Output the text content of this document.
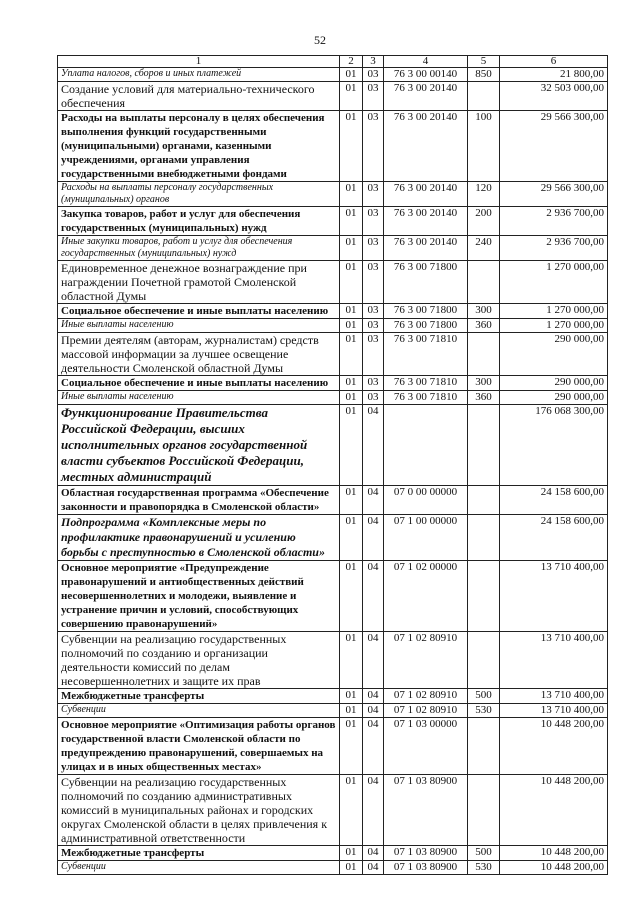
52
1	2	3	4	5	6
Уплата налогов, сборов и иных платежей	01	03	76 3 00 00140	850	21 800,00
Создание условий для материально-технического обеспечения	01	03	76 3 00 20140		32 503 000,00
Расходы на выплаты персоналу в целях обеспечения выполнения функций государственными (муниципальными) органами, казенными учреждениями, органами управления государственными внебюджетными фондами	01	03	76 3 00 20140	100	29 566 300,00
Расходы на выплаты персоналу государственных (муниципальных) органов	01	03	76 3 00 20140	120	29 566 300,00
Закупка товаров, работ и услуг для обеспечения государственных (муниципальных) нужд	01	03	76 3 00 20140	200	2 936 700,00
Иные закупки товаров, работ и услуг для обеспечения государственных (муниципальных) нужд	01	03	76 3 00 20140	240	2 936 700,00
Единовременное денежное вознаграждение при награждении Почетной грамотой Смоленской областной Думы	01	03	76 3 00 71800		1 270 000,00
Социальное обеспечение и иные выплаты населению	01	03	76 3 00 71800	300	1 270 000,00
Иные выплаты населению	01	03	76 3 00 71800	360	1 270 000,00
Премии деятелям (авторам, журналистам) средств массовой информации за лучшее освещение деятельности Смоленской областной Думы	01	03	76 3 00 71810		290 000,00
Социальное обеспечение и иные выплаты населению	01	03	76 3 00 71810	300	290 000,00
Иные выплаты населению	01	03	76 3 00 71810	360	290 000,00
Функционирование Правительства Российской Федерации, высших исполнительных органов государственной власти субъектов Российской Федерации, местных администраций	01	04			176 068 300,00
Областная государственная программа «Обеспечение законности и правопорядка в Смоленской области»	01	04	07 0 00 00000		24 158 600,00
Подпрограмма «Комплексные меры по профилактике правонарушений и усилению борьбы с преступностью в Смоленской области»	01	04	07 1 00 00000		24 158 600,00
Основное мероприятие «Предупреждение правонарушений и антиобщественных действий несовершеннолетних и молодежи, выявление и устранение причин и условий, способствующих совершению правонарушений»	01	04	07 1 02 00000		13 710 400,00
Субвенции на реализацию государственных полномочий по созданию и организации деятельности комиссий по делам несовершеннолетних и защите их прав	01	04	07 1 02 80910		13 710 400,00
Межбюджетные трансферты	01	04	07 1 02 80910	500	13 710 400,00
Субвенции	01	04	07 1 02 80910	530	13 710 400,00
Основное мероприятие «Оптимизация работы органов государственной власти Смоленской области по предупреждению правонарушений, совершаемых на улицах и в иных общественных местах»	01	04	07 1 03 00000		10 448 200,00
Субвенции на реализацию государственных полномочий по созданию административных комиссий в муниципальных районах и городских округах Смоленской области в целях привлечения к административной ответственности	01	04	07 1 03 80900		10 448 200,00
Межбюджетные трансферты	01	04	07 1 03 80900	500	10 448 200,00
Субвенции	01	04	07 1 03 80900	530	10 448 200,00
